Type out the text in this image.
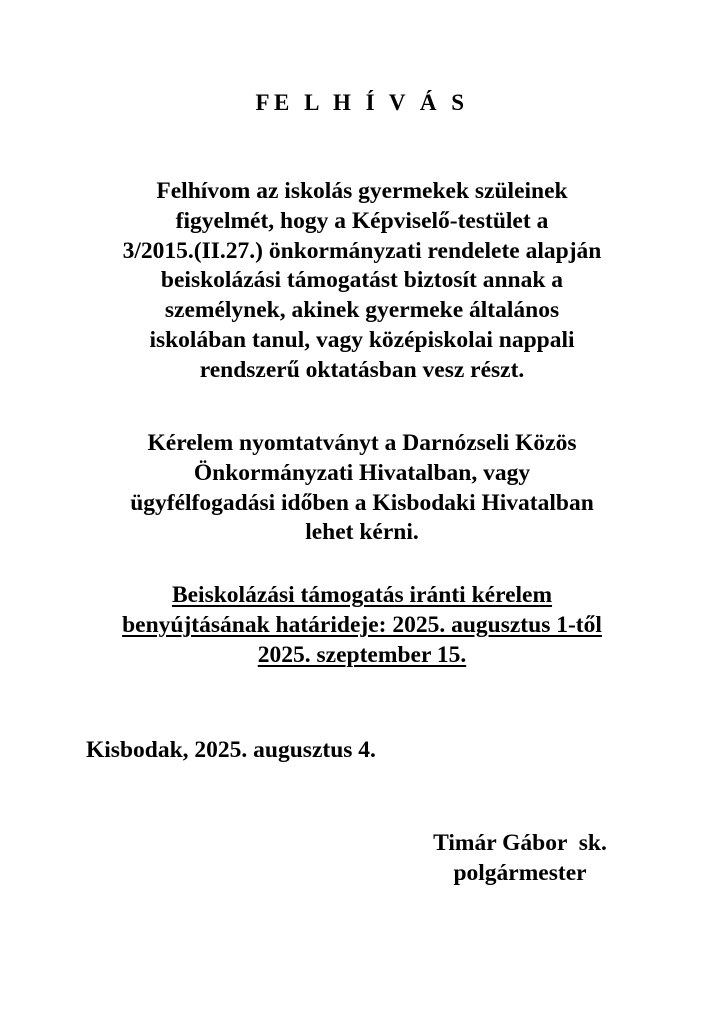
FE L H Í V Á S
Felhívom az iskolás gyermekek szüleinek
figyelmét, hogy a Képviselő-testület a
3/2015.(II.27.) önkormányzati rendelete alapján
beiskolázási támogatást biztosít annak a
személynek, akinek gyermeke általános
iskolában tanul, vagy középiskolai nappali
rendszerű oktatásban vesz részt.
Kérelem nyomtatványt a Darnózseli Közös
Önkormányzati Hivatalban, vagy
ügyfélfogadási időben a Kisbodaki Hivatalban
lehet kérni.
Beiskolázási támogatás iránti kérelem
benyújtásának határideje: 2025. augusztus 1-től
2025. szeptember 15.
Kisbodak, 2025. augusztus 4.
Timár Gábor  sk.
polgármester
